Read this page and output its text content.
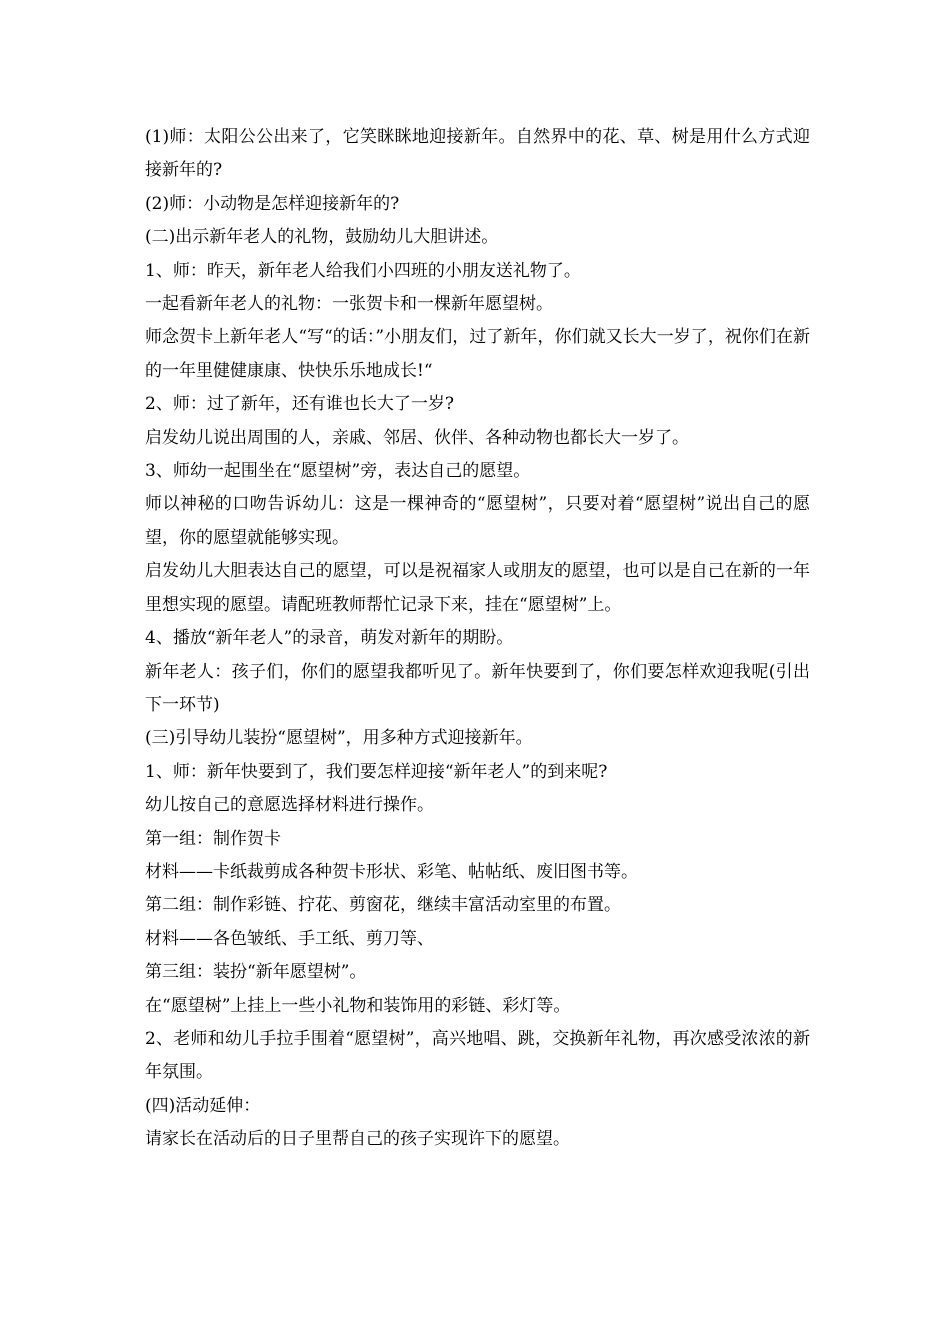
(1)师：太阳公公出来了，它笑眯眯地迎接新年。自然界中的花、草、树是用什么方式迎接新年的?

(2)师：小动物是怎样迎接新年的?

(二)出示新年老人的礼物，鼓励幼儿大胆讲述。

1、师：昨天，新年老人给我们小四班的小朋友送礼物了。

一起看新年老人的礼物：一张贺卡和一棵新年愿望树。

师念贺卡上新年老人“写“的话：”小朋友们，过了新年，你们就又长大一岁了，祝你们在新的一年里健健康康、快快乐乐地成长!“

2、师：过了新年，还有谁也长大了一岁?

启发幼儿说出周围的人，亲戚、邻居、伙伴、各种动物也都长大一岁了。

3、师幼一起围坐在“愿望树”旁，表达自己的愿望。

师以神秘的口吻告诉幼儿：这是一棵神奇的“愿望树”，只要对着“愿望树”说出自己的愿望，你的愿望就能够实现。

启发幼儿大胆表达自己的愿望，可以是祝福家人或朋友的愿望，也可以是自己在新的一年里想实现的愿望。请配班教师帮忙记录下来，挂在“愿望树”上。

4、播放“新年老人”的录音，萌发对新年的期盼。

新年老人：孩子们，你们的愿望我都听见了。新年快要到了，你们要怎样欢迎我呢(引出下一环节)

(三)引导幼儿装扮“愿望树”，用多种方式迎接新年。

1、师：新年快要到了，我们要怎样迎接“新年老人”的到来呢?

幼儿按自己的意愿选择材料进行操作。

第一组：制作贺卡

材料——卡纸裁剪成各种贺卡形状、彩笔、帖帖纸、废旧图书等。

第二组：制作彩链、拧花、剪窗花，继续丰富活动室里的布置。

材料——各色皱纸、手工纸、剪刀等、

第三组：装扮“新年愿望树”。

在“愿望树”上挂上一些小礼物和装饰用的彩链、彩灯等。

2、老师和幼儿手拉手围着“愿望树”，高兴地唱、跳，交换新年礼物，再次感受浓浓的新年氛围。

(四)活动延伸：

请家长在活动后的日子里帮自己的孩子实现许下的愿望。
